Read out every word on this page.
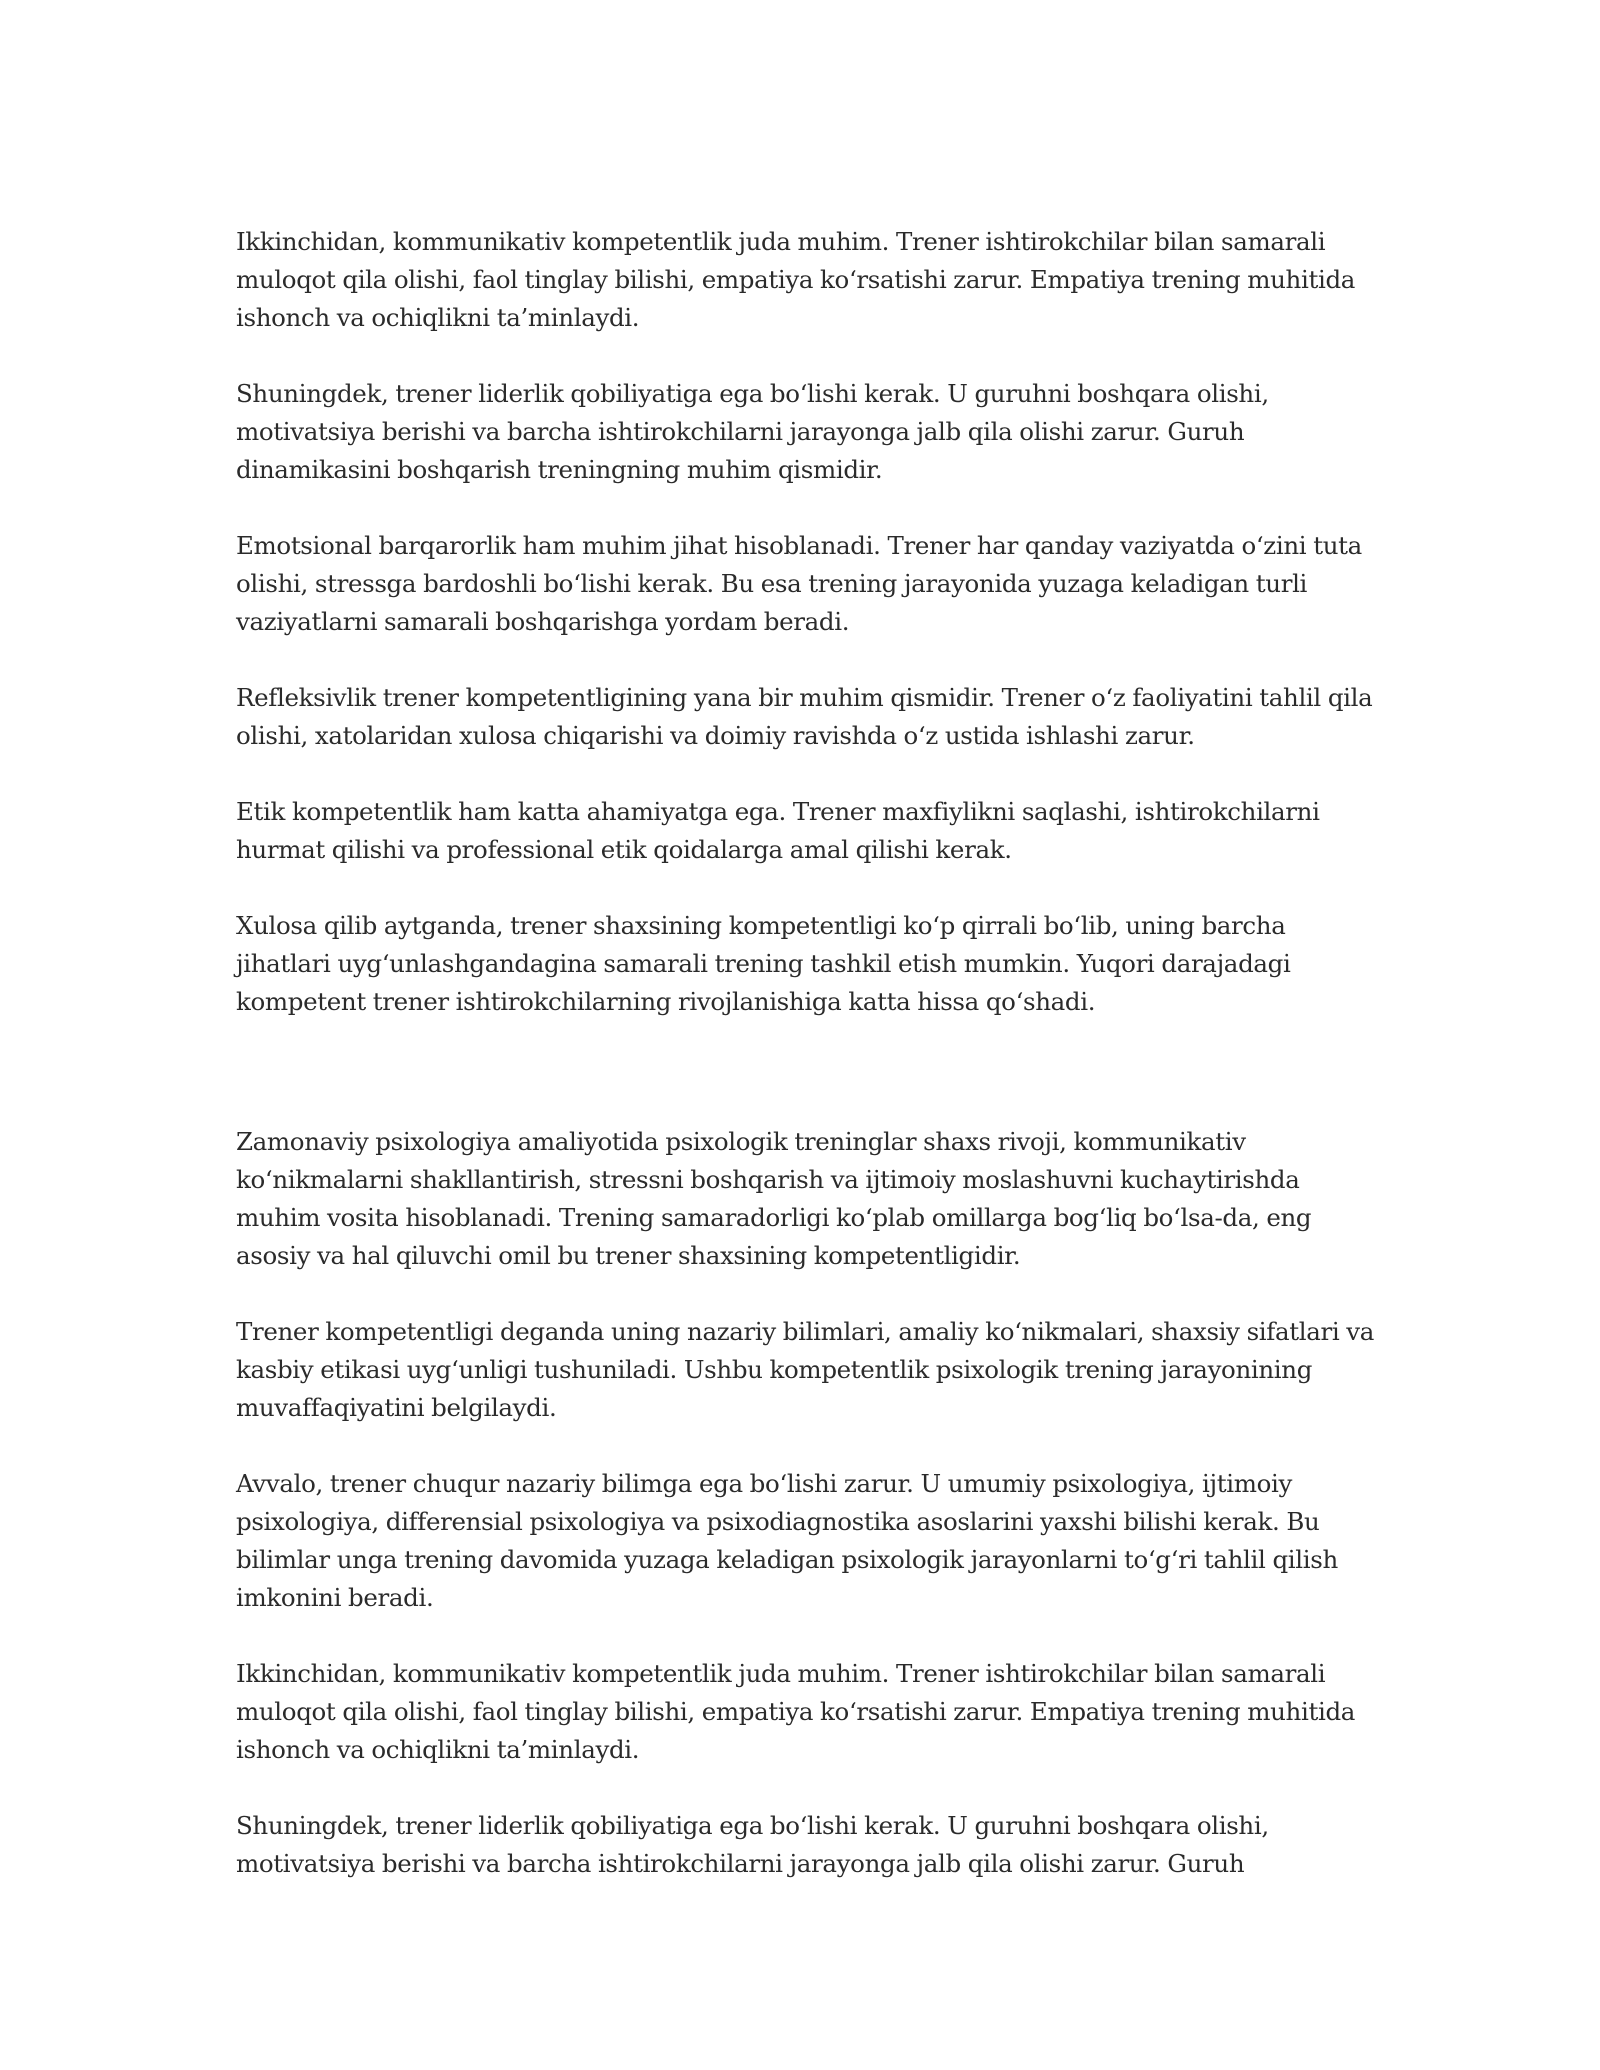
Ikkinchidan, kommunikativ kompetentlik juda muhim. Trener ishtirokchilar bilan samarali muloqot qila olishi, faol tinglay bilishi, empatiya ko‘rsatishi zarur. Empatiya trening muhitida ishonch va ochiqlikni ta’minlaydi.

Shuningdek, trener liderlik qobiliyatiga ega bo‘lishi kerak. U guruhni boshqara olishi, motivatsiya berishi va barcha ishtirokchilarni jarayonga jalb qila olishi zarur. Guruh dinamikasini boshqarish treningning muhim qismidir.

Emotsional barqarorlik ham muhim jihat hisoblanadi. Trener har qanday vaziyatda o‘zini tuta olishi, stressga bardoshli bo‘lishi kerak. Bu esa trening jarayonida yuzaga keladigan turli vaziyatlarni samarali boshqarishga yordam beradi.

Refleksivlik trener kompetentligining yana bir muhim qismidir. Trener o‘z faoliyatini tahlil qila olishi, xatolaridan xulosa chiqarishi va doimiy ravishda o‘z ustida ishlashi zarur.

Etik kompetentlik ham katta ahamiyatga ega. Trener maxfiylikni saqlashi, ishtirokchilarni hurmat qilishi va professional etik qoidalarga amal qilishi kerak.

Xulosa qilib aytganda, trener shaxsining kompetentligi ko‘p qirrali bo‘lib, uning barcha jihatlari uyg‘unlashgandagina samarali trening tashkil etish mumkin. Yuqori darajadagi kompetent trener ishtirokchilarning rivojlanishiga katta hissa qo‘shadi.

Zamonaviy psixologiya amaliyotida psixologik treninglar shaxs rivoji, kommunikativ ko‘nikmalarni shakllantirish, stressni boshqarish va ijtimoiy moslashuvni kuchaytirishda muhim vosita hisoblanadi. Trening samaradorligi ko‘plab omillarga bog‘liq bo‘lsa-da, eng asosiy va hal qiluvchi omil bu trener shaxsining kompetentligidir.

Trener kompetentligi deganda uning nazariy bilimlari, amaliy ko‘nikmalari, shaxsiy sifatlari va kasbiy etikasi uyg‘unligi tushuniladi. Ushbu kompetentlik psixologik trening jarayonining muvaffaqiyatini belgilaydi.

Avvalo, trener chuqur nazariy bilimga ega bo‘lishi zarur. U umumiy psixologiya, ijtimoiy psixologiya, differensial psixologiya va psixodiagnostika asoslarini yaxshi bilishi kerak. Bu bilimlar unga trening davomida yuzaga keladigan psixologik jarayonlarni to‘g‘ri tahlil qilish imkonini beradi.

Ikkinchidan, kommunikativ kompetentlik juda muhim. Trener ishtirokchilar bilan samarali muloqot qila olishi, faol tinglay bilishi, empatiya ko‘rsatishi zarur. Empatiya trening muhitida ishonch va ochiqlikni ta’minlaydi.

Shuningdek, trener liderlik qobiliyatiga ega bo‘lishi kerak. U guruhni boshqara olishi, motivatsiya berishi va barcha ishtirokchilarni jarayonga jalb qila olishi zarur. Guruh
